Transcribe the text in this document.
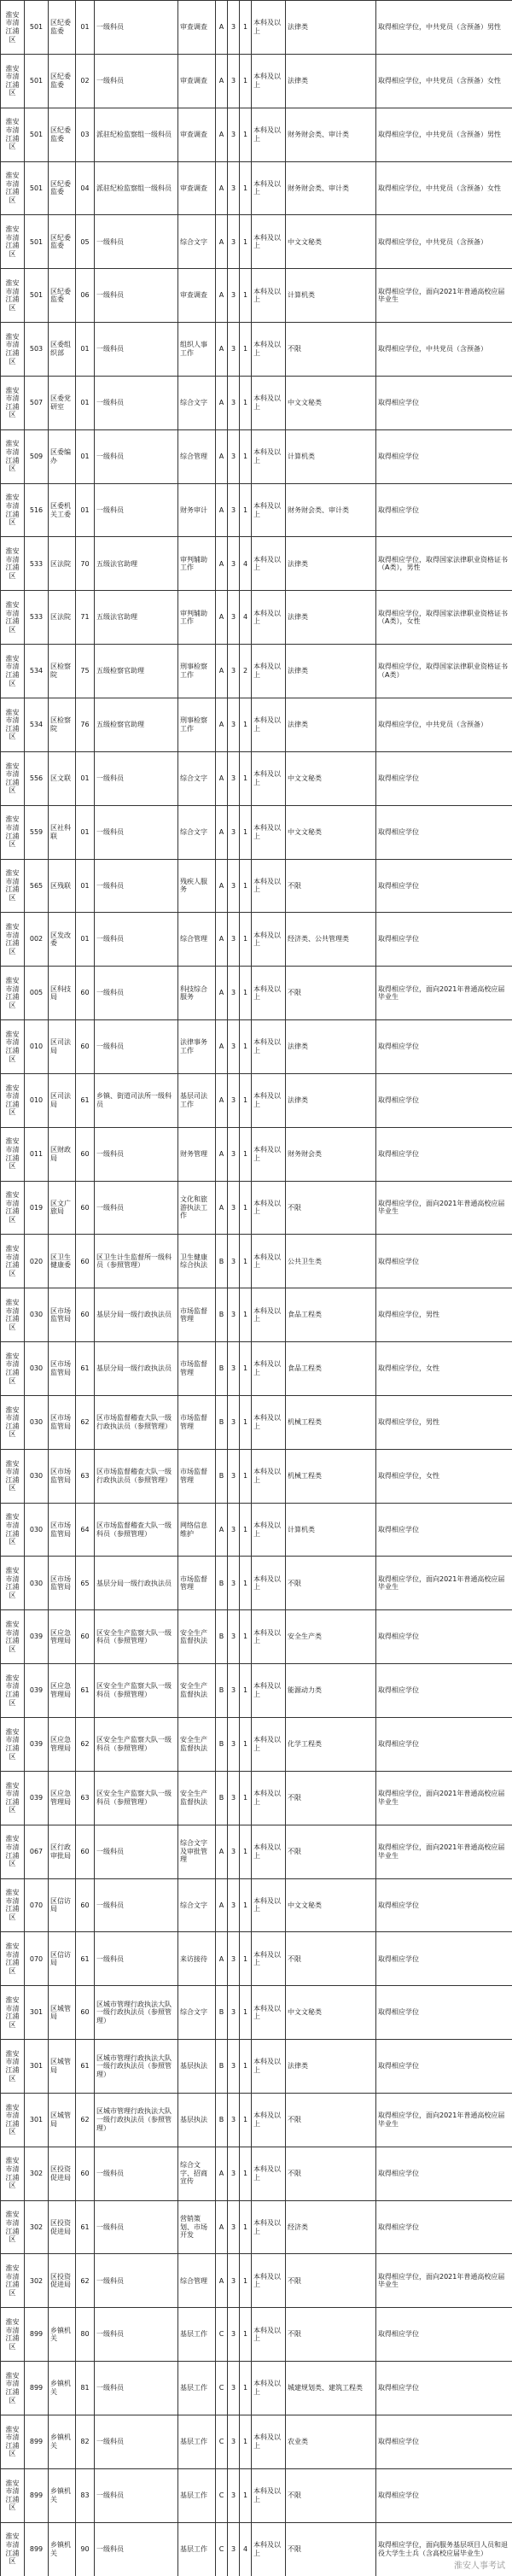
淮安市清江浦区	501	区纪委监委	01	一级科员	审查调查	A	3	1	本科及以上	法律类	取得相应学位，中共党员（含预备）男性
淮安市清江浦区	501	区纪委监委	02	一级科员	审查调查	A	3	1	本科及以上	法律类	取得相应学位，中共党员（含预备）女性
淮安市清江浦区	501	区纪委监委	03	派驻纪检监察组一级科员	审查调查	A	3	1	本科及以上	财务财会类、审计类	取得相应学位，中共党员（含预备）男性
淮安市清江浦区	501	区纪委监委	04	派驻纪检监察组一级科员	审查调查	A	3	1	本科及以上	财务财会类、审计类	取得相应学位，中共党员（含预备）女性
淮安市清江浦区	501	区纪委监委	05	一级科员	综合文字	A	3	1	本科及以上	中文文秘类	取得相应学位，中共党员（含预备）
淮安市清江浦区	501	区纪委监委	06	一级科员	审查调查	A	3	1	本科及以上	计算机类	取得相应学位，面向2021年普通高校应届毕业生
淮安市清江浦区	503	区委组织部	01	一级科员	组织人事工作	A	3	1	本科及以上	不限	取得相应学位，中共党员（含预备）
淮安市清江浦区	507	区委党研室	01	一级科员	综合文字	A	3	1	本科及以上	中文文秘类	取得相应学位
淮安市清江浦区	509	区委编办	01	一级科员	综合管理	A	3	1	本科及以上	计算机类	取得相应学位
淮安市清江浦区	516	区委机关工委	01	一级科员	财务审计	A	3	1	本科及以上	财务财会类、审计类	取得相应学位
淮安市清江浦区	533	区法院	70	五级法官助理	审判辅助工作	A	3	4	本科及以上	法律类	取得相应学位，取得国家法律职业资格证书（A类），男性
淮安市清江浦区	533	区法院	71	五级法官助理	审判辅助工作	A	3	4	本科及以上	法律类	取得相应学位，取得国家法律职业资格证书（A类），女性
淮安市清江浦区	534	区检察院	75	五级检察官助理	刑事检察工作	A	3	2	本科及以上	法律类	取得相应学位，取得国家法律职业资格证书（A类）
淮安市清江浦区	534	区检察院	76	五级检察官助理	刑事检察工作	A	3	1	本科及以上	法律类	取得相应学位，中共党员（含预备）
淮安市清江浦区	556	区文联	01	一级科员	综合文字	A	3	1	本科及以上	中文文秘类	取得相应学位
淮安市清江浦区	559	区社科联	01	一级科员	综合文字	A	3	1	本科及以上	中文文秘类	取得相应学位
淮安市清江浦区	565	区残联	01	一级科员	残疾人服务	A	3	1	本科及以上	不限	取得相应学位
淮安市清江浦区	002	区发改委	01	一级科员	综合管理	A	3	1	本科及以上	经济类、公共管理类	取得相应学位
淮安市清江浦区	005	区科技局	60	一级科员	科技综合服务	A	3	1	本科及以上	不限	取得相应学位，面向2021年普通高校应届毕业生
淮安市清江浦区	010	区司法局	60	一级科员	法律事务工作	A	3	1	本科及以上	法律类	取得相应学位
淮安市清江浦区	010	区司法局	61	乡镇、街道司法所一级科员	基层司法工作	A	3	1	本科及以上	法律类	取得相应学位
淮安市清江浦区	011	区财政局	60	一级科员	财务管理	A	3	1	本科及以上	财务财会类	取得相应学位
淮安市清江浦区	019	区文广旅局	60	一级科员	文化和旅游执法工作	A	3	1	本科及以上	不限	取得相应学位，面向2021年普通高校应届毕业生
淮安市清江浦区	020	区卫生健康委	60	区卫生计生监督所一级科员（参照管理）	卫生健康综合执法	B	3	1	本科及以上	公共卫生类	取得相应学位
淮安市清江浦区	030	区市场监管局	60	基层分局一级行政执法员	市场监督管理	B	3	1	本科及以上	食品工程类	取得相应学位，男性
淮安市清江浦区	030	区市场监管局	61	基层分局一级行政执法员	市场监督管理	B	3	1	本科及以上	食品工程类	取得相应学位，女性
淮安市清江浦区	030	区市场监管局	62	区市场监督稽查大队一级行政执法员（参照管理）	市场监督管理	B	3	1	本科及以上	机械工程类	取得相应学位，男性
淮安市清江浦区	030	区市场监管局	63	区市场监督稽查大队一级行政执法员（参照管理）	市场监督管理	B	3	1	本科及以上	机械工程类	取得相应学位，女性
淮安市清江浦区	030	区市场监管局	64	区市场监督稽查大队一级科员（参照管理）	网络信息维护	A	3	1	本科及以上	计算机类	取得相应学位
淮安市清江浦区	030	区市场监管局	65	基层分局一级行政执法员	市场监督管理	B	3	1	本科及以上	不限	取得相应学位，面向2021年普通高校应届毕业生
淮安市清江浦区	039	区应急管理局	60	区安全生产监察大队一级科员（参照管理）	安全生产监督执法	B	3	1	本科及以上	安全生产类	取得相应学位
淮安市清江浦区	039	区应急管理局	61	区安全生产监察大队一级科员（参照管理）	安全生产监督执法	B	3	1	本科及以上	能源动力类	取得相应学位
淮安市清江浦区	039	区应急管理局	62	区安全生产监察大队一级科员（参照管理）	安全生产监督执法	B	3	1	本科及以上	化学工程类	取得相应学位
淮安市清江浦区	039	区应急管理局	63	区安全生产监察大队一级科员（参照管理）	安全生产监督执法	B	3	1	本科及以上	不限	取得相应学位，面向2021年普通高校应届毕业生
淮安市清江浦区	067	区行政审批局	60	一级科员	综合文字及审批管理	A	3	1	本科及以上	不限	取得相应学位，面向2021年普通高校应届毕业生
淮安市清江浦区	070	区信访局	60	一级科员	综合文字	A	3	1	本科及以上	中文文秘类	取得相应学位
淮安市清江浦区	070	区信访局	61	一级科员	来访接待	A	3	1	本科及以上	不限	取得相应学位
淮安市清江浦区	301	区城管局	60	区城市管理行政执法大队一级行政执法员（参照管理）	综合文字	B	3	1	本科及以上	中文文秘类	取得相应学位
淮安市清江浦区	301	区城管局	61	区城市管理行政执法大队一级行政执法员（参照管理）	基层执法	B	3	1	本科及以上	法律类	取得相应学位
淮安市清江浦区	301	区城管局	62	区城市管理行政执法大队一级行政执法员（参照管理）	基层执法	B	3	1	本科及以上	不限	取得相应学位，面向2021年普通高校应届毕业生
淮安市清江浦区	302	区投资促进局	60	一级科员	综合文字、招商宣传	A	3	1	本科及以上	不限	取得相应学位
淮安市清江浦区	302	区投资促进局	61	一级科员	营销策划、市场开发	A	3	1	本科及以上	经济类	取得相应学位
淮安市清江浦区	302	区投资促进局	62	一级科员	综合管理	A	3	1	本科及以上	不限	取得相应学位，面向2021年普通高校应届毕业生
淮安市清江浦区	899	乡镇机关	80	一级科员	基层工作	C	3	1	本科及以上	不限	取得相应学位
淮安市清江浦区	899	乡镇机关	81	一级科员	基层工作	C	3	1	本科及以上	城建规划类、建筑工程类	取得相应学位
淮安市清江浦区	899	乡镇机关	82	一级科员	基层工作	C	3	1	本科及以上	农业类	取得相应学位
淮安市清江浦区	899	乡镇机关	83	一级科员	基层工作	C	3	1	本科及以上	不限	取得相应学位
淮安市清江浦区	899	乡镇机关	90	一级科员	基层工作	C	3	4	本科及以上	不限	取得相应学位，面向服务基层项目人员和退役大学生士兵（含高校应届毕业生）
淮安人事考试
